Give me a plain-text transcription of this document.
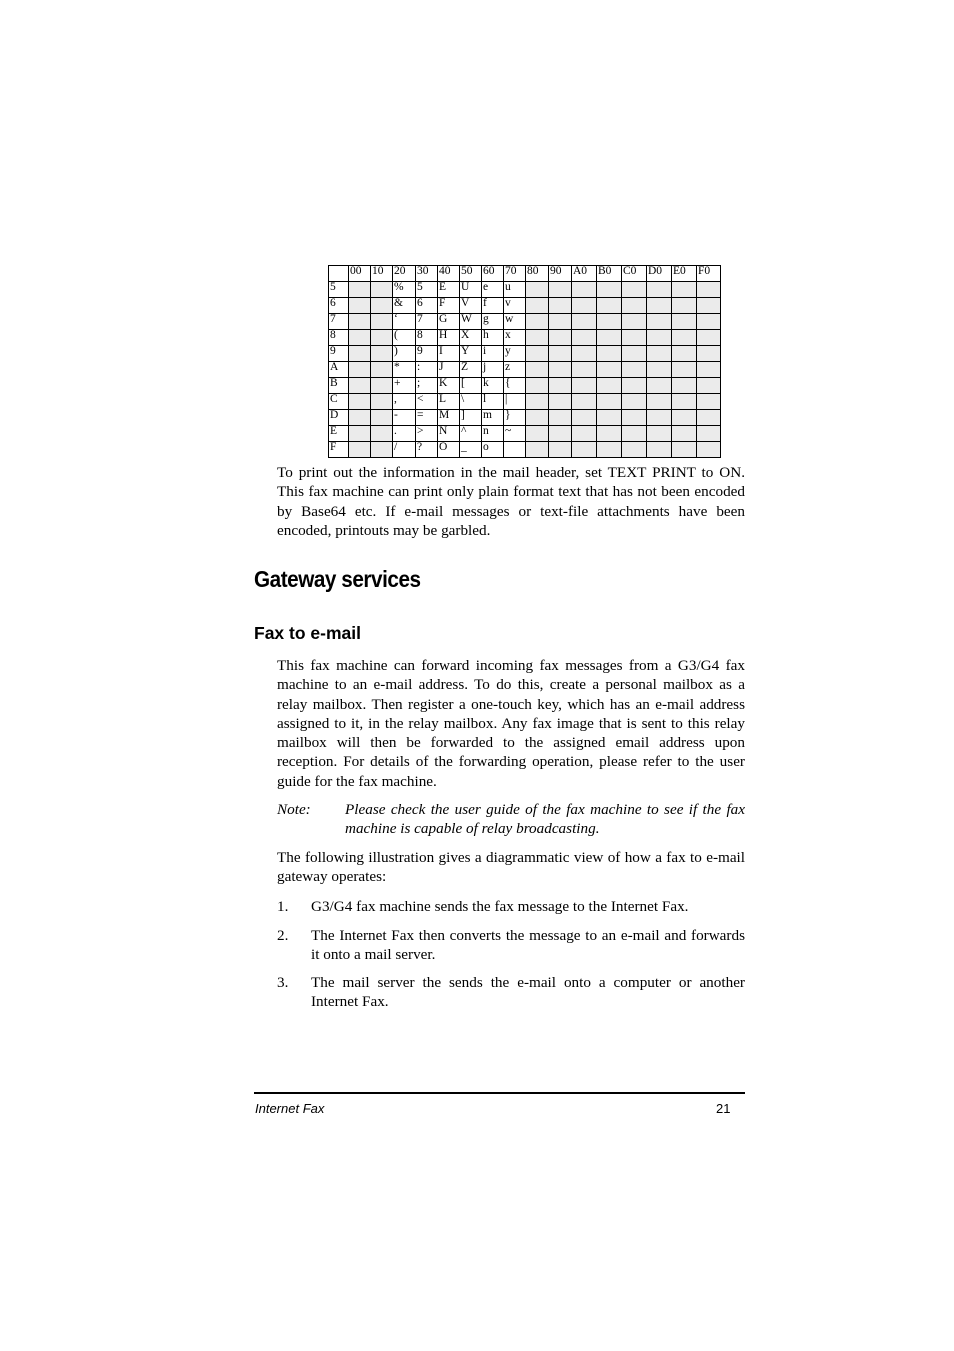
	00	10	20	30	40	50	60	70	80	90	A0	B0	C0	D0	E0	F0
5			%	5	E	U	e	u								
6			&	6	F	V	f	v								
7			‘	7	G	W	g	w								
8			(	8	H	X	h	x								
9			)	9	I	Y	i	y								
A			*	:	J	Z	j	z								
B			+	;	K	[	k	{								
C			,	<	L	\	l	|								
D			-	=	M	]	m	}								
E			.	>	N	^	n	~								
F			/	?	O	_	o									

To print out the information in the mail header, set TEXT PRINT to ON. This fax machine can print only plain format text that has not been encoded by Base64 etc. If e-mail messages or text-file attachments have been encoded, printouts may be garbled.

Gateway services
Fax to e-mail

This fax machine can forward incoming fax messages from a G3/G4 fax machine to an e-mail address. To do this, create a personal mailbox as a relay mailbox. Then register a one-touch key, which has an e-mail address assigned to it, in the relay mailbox. Any fax image that is sent to this relay mailbox will then be forwarded to the assigned email address upon reception. For details of the forwarding operation, please refer to the user guide for the fax machine.

Note: Please check the user guide of the fax machine to see if the fax machine is capable of relay broadcasting.

The following illustration gives a diagrammatic view of how a fax to e-mail gateway operates:

1. G3/G4 fax machine sends the fax message to the Internet Fax.
2. The Internet Fax then converts the message to an e-mail and forwards it onto a mail server.
3. The mail server the sends the e-mail onto a computer or another Internet Fax.
Internet Fax	21
